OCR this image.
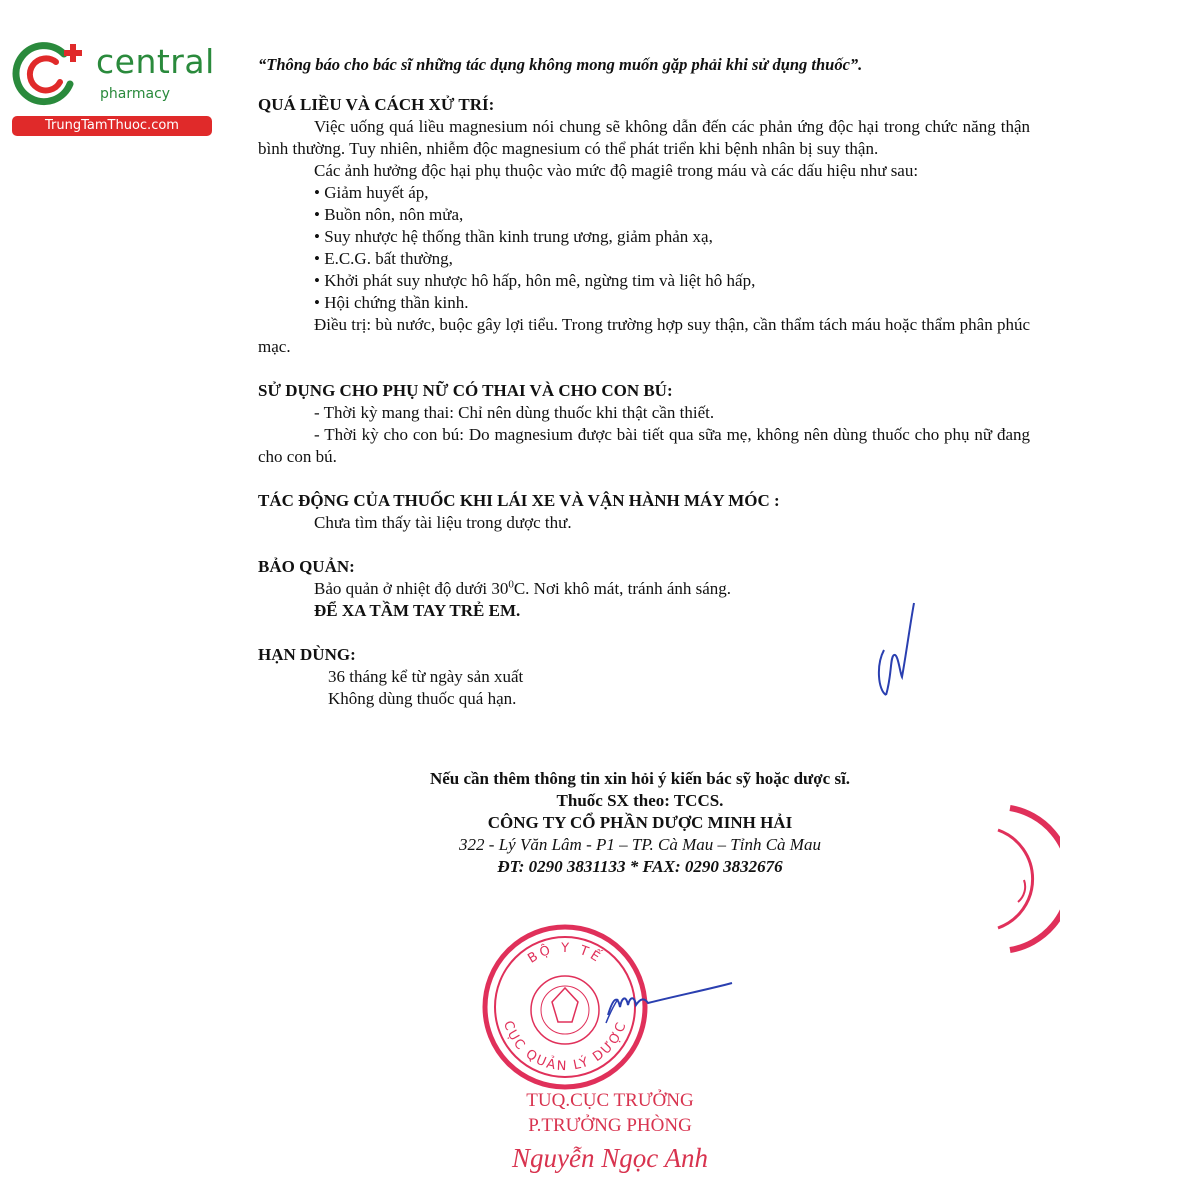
central
pharmacy
TrungTamThuoc.com

“Thông báo cho bác sĩ những tác dụng không mong muốn gặp phải khi sử dụng thuốc”.

QUÁ LIỀU VÀ CÁCH XỬ TRÍ:

Việc uống quá liều magnesium nói chung sẽ không dẫn đến các phản ứng độc hại trong chức năng thận bình thường. Tuy nhiên, nhiễm độc magnesium có thể phát triển khi bệnh nhân bị suy thận.

Các ảnh hưởng độc hại phụ thuộc vào mức độ magiê trong máu và các dấu hiệu như sau:

• Giảm huyết áp,

• Buồn nôn, nôn mửa,

• Suy nhược hệ thống thần kinh trung ương, giảm phản xạ,

• E.C.G. bất thường,

• Khởi phát suy nhược hô hấp, hôn mê, ngừng tim và liệt hô hấp,

• Hội chứng thần kinh.

Điều trị: bù nước, buộc gây lợi tiểu. Trong trường hợp suy thận, cần thẩm tách máu hoặc thẩm phân phúc mạc.

SỬ DỤNG CHO PHỤ NỮ CÓ THAI VÀ CHO CON BÚ:

- Thời kỳ mang thai: Chỉ nên dùng thuốc khi thật cần thiết.

- Thời kỳ cho con bú: Do magnesium được bài tiết qua sữa mẹ, không nên dùng thuốc cho phụ nữ đang cho con bú.

TÁC ĐỘNG CỦA THUỐC KHI LÁI XE VÀ VẬN HÀNH MÁY MÓC :

Chưa tìm thấy tài liệu trong dược thư.

BẢO QUẢN:

Bảo quản ở nhiệt độ dưới $30^0C$. Nơi khô mát, tránh ánh sáng.

ĐỂ XA TẦM TAY TRẺ EM.

HẠN DÙNG:

36 tháng kể từ ngày sản xuất

Không dùng thuốc quá hạn.

Nếu cần thêm thông tin xin hỏi ý kiến bác sỹ hoặc dược sĩ.
Thuốc SX theo: TCCS.
CÔNG TY CỔ PHẦN DƯỢC MINH HẢI
322 - Lý Văn Lâm - P1 – TP. Cà Mau – Tỉnh Cà Mau
ĐT: 0290 3831133 * FAX: 0290 3832676
BỘ Y TẾ
CỤC QUẢN LÝ DƯỢC
TUQ.CỤC TRƯỞNG
P.TRƯỞNG PHÒNG
Nguyễn Ngọc Anh
